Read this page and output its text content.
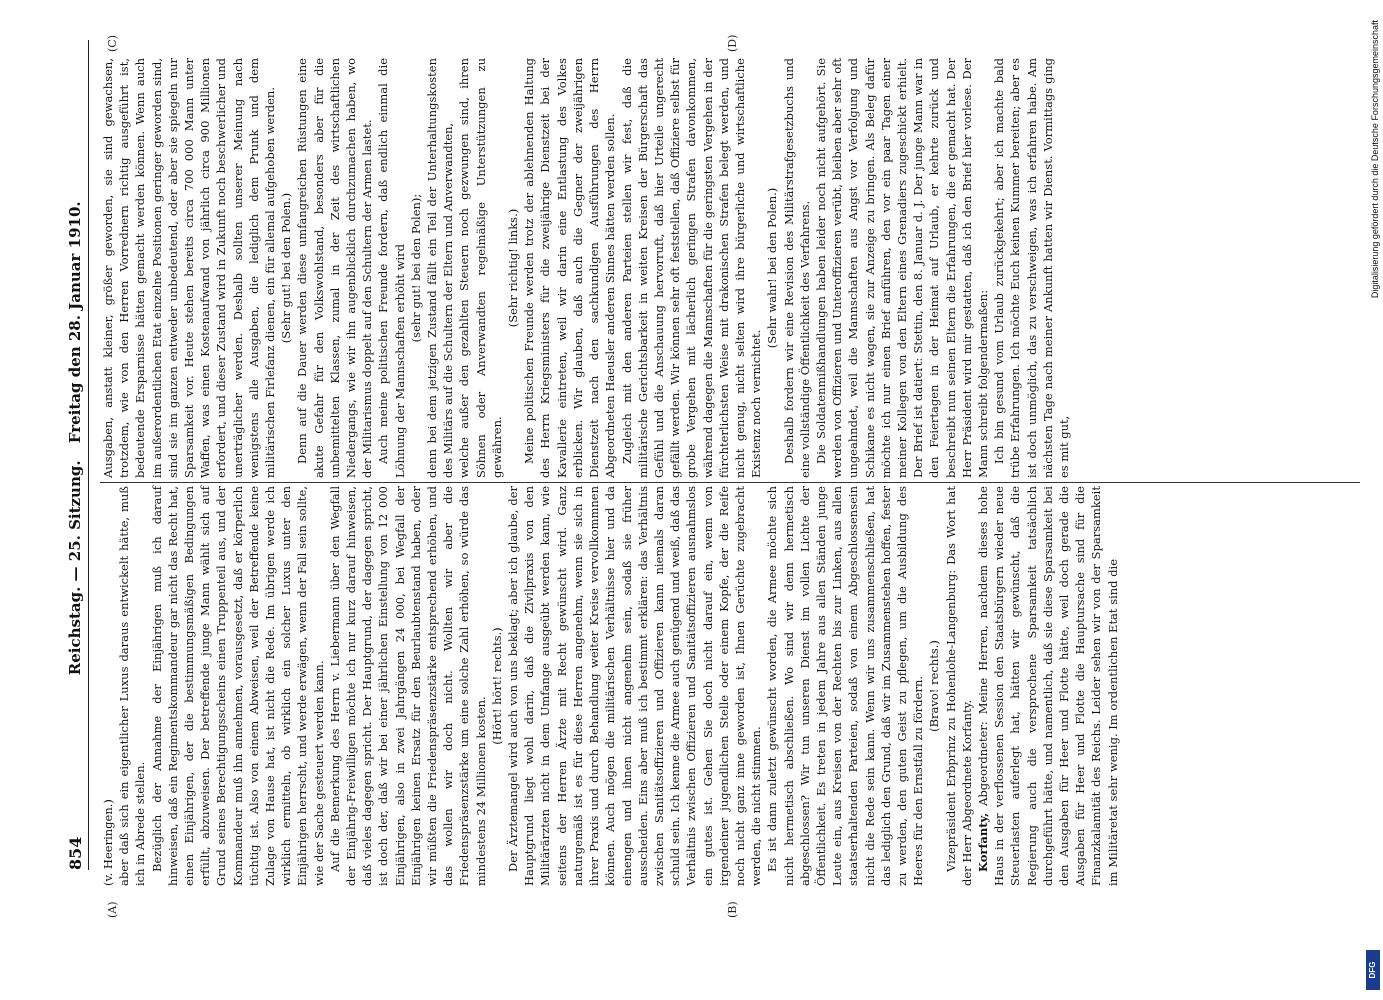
854
Reichstag. — 25. Sitzung. Freitag den 28. Januar 1910.
(A)	(B)
(C)	(D)

(v. Heeringen.) aber daß sich ein eigentlicher Luxus daraus entwickelt hätte, muß ich in Abrede stellen. Bezüglich der Annahme der Einjährigen muß ich darauf hinweisen, daß ein Regimentskommandeur gar nicht das Recht hat, einen Einjährigen, der die bestimmungsmäßigen Bedingungen erfüllt, abzuweisen. Der betreffende junge Mann wählt sich auf Grund seines Berechtigungsscheins einen Truppenteil aus, und der Kommandeur muß ihn annehmen, vorausgesetzt, daß er körperlich tüchtig ist. Also von einem Abweisen, weil der Betreffende keine Zulage von Hause hat, ist nicht die Rede. Im übrigen werde ich wirklich ermitteln, ob wirklich ein solcher Luxus unter den Einjährigen herrscht, und werde erwägen, wenn der Fall sein sollte, wie der Sache gesteuert werden kann. Auf die Bemerkung des Herrn v. Liebermann über den Wegfall der Einjährig-Freiwilligen möchte ich nur kurz darauf hinweisen, daß vieles dagegen spricht. Der Hauptgrund, der dagegen spricht, ist doch der, daß wir bei einer jährlichen Einstellung von 12 000 Einjährigen, also in zwei Jahrgängen 24 000, bei Wegfall der Einjährigen keinen Ersatz für den Beurlaubtenstand haben, oder wir müßten die Friedenspräsenzstärke entsprechend erhöhen, und das wollen wir doch nicht. Wollten wir aber die Friedenspräsenzstärke um eine solche Zahl erhöhen, so würde das mindestens 24 Millionen kosten.

(Hört! hört! rechts.) Der Ärztemangel wird auch von uns beklagt; aber ich glaube, der Hauptgrund liegt wohl darin, daß die Zivilpraxis von den Militärärzten nicht in dem Umfange ausgeübt werden kann, wie seitens der Herren Ärzte mit Recht gewünscht wird. Ganz naturgemäß ist es für diese Herren angenehm, wenn sie sich in ihrer Praxis und durch Behandlung weiter Kreise vervollkommnen können. Auch mögen die militärischen Verhältnisse hier und da einengen und ihnen nicht angenehm sein, sodaß sie früher ausscheiden. Eins aber muß ich bestimmt erklären: das Verhältnis zwischen Sanitätsoffizieren und Offizieren kann niemals daran schuld sein. Ich kenne die Armee auch genügend und weiß, daß das Verhältnis zwischen Offizieren und Sanitätsoffizieren ausnahmslos ein gutes ist. Gehen Sie doch nicht darauf ein, wenn von irgendeiner jugendlichen Stelle oder einem Kopfe, der die Reife noch nicht ganz inne geworden ist, Ihnen Gerüchte zugebracht werden, die nicht stimmen. Es ist dann zuletzt gewünscht worden, die Armee möchte sich nicht hermetisch abschließen. Wo sind wir denn hermetisch abgeschlossen? Wir tun unseren Dienst im vollen Lichte der Öffentlichkeit. Es treten in jedem Jahre aus allen Ständen junge Leute ein, aus Kreisen von der Rechten bis zur Linken, aus allen staatserhaltenden Parteien, sodaß von einem Abgeschlossensein nicht die Rede sein kann. Wenn wir uns zusammenschließen, hat das lediglich den Grund, daß wir im Zusammenstehen hoffen, fester zu werden, den guten Geist zu pflegen, um die Ausbildung des Heeres für den Ernstfall zu fördern. (Bravo! rechts.) Vizepräsident Erbprinz zu Hohenlohe-Langenburg: Das Wort hat der Herr Abgeordnete Korfanty. Korfanty, Abgeordneter: Meine Herren, nachdem dieses hohe Haus in der verflossenen Session den Staatsbürgern wieder neue Steuerlasten auferlegt hat, hätten wir gewünscht, daß die Regierung auch die versprochene Sparsamkeit tatsächlich durchgeführt hätte, und namentlich, daß sie diese Sparsamkeit bei den Ausgaben für Heer und Flotte hätte, weil doch gerade die Ausgaben für Heer und Flotte die Hauptursache sind für die Finanzkalamität des Reichs. Leider sehen wir von der Sparsamkeit im Militäretat sehr wenig. Im ordentlichen Etat sind die

Ausgaben, anstatt kleiner, größer geworden, sie sind gewachsen, trotzdem, wie von den Herren Vorrednern richtig ausgeführt ist, bedeutende Ersparnisse hätten gemacht werden können. Wenn auch im außerordentlichen Etat einzelne Positionen geringer geworden sind, sind sie im ganzen entweder unbedeutend, oder aber sie spiegeln nur Sparsamkeit vor. Heute stehen bereits circa 700 000 Mann unter Waffen, was einen Kostenaufwand von jährlich circa 900 Millionen erfordert, und dieser Zustand wird in Zukunft noch beschwerlicher und unerträglicher werden. Deshalb sollten unserer Meinung nach wenigstens alle Ausgaben, die lediglich dem Prunk und dem militärischen Firlefanz dienen, ein für allemal aufgehoben werden. (Sehr gut! bei den Polen.) Denn auf die Dauer werden diese umfangreichen Rüstungen eine akute Gefahr für den Volkswohlstand, besonders aber für die unbemittelten Klassen, zumal in der Zeit des wirtschaftlichen Niedergangs, wie wir ihn augenblicklich durchzumachen haben, wo der Militarismus doppelt auf den Schultern der Armen lastet. Auch meine politischen Freunde fordern, daß endlich einmal die Löhnung der Mannschaften erhöht wird (sehr gut! bei den Polen); denn bei dem jetzigen Zustand fällt ein Teil der Unterhaltungskosten des Militärs auf die Schultern der Eltern und Anverwandten, welche außer den gezahlten Steuern noch gezwungen sind, ihren Söhnen oder Anverwandten regelmäßige Unterstützungen zu gewähren.

(Sehr richtig! links.) Meine politischen Freunde werden trotz der ablehnenden Haltung des Herrn Kriegsministers für die zweijährige Dienstzeit bei der Kavallerie eintreten, weil wir darin eine Entlastung des Volkes erblicken. Wir glauben, daß auch die Gegner der zweijährigen Dienstzeit nach den sachkundigen Ausführungen des Herrn Abgeordneten Haeusler anderen Sinnes hätten werden sollen. Zugleich mit den anderen Parteien stellen wir fest, daß die militärische Gerichtsbarkeit in weiten Kreisen der Bürgerschaft das Gefühl und die Anschauung hervorruft, daß hier Urteile ungerecht gefällt werden. Wir können sehr oft feststellen, daß Offiziere selbst für grobe Vergehen mit lächerlich geringen Strafen davonkommen, während dagegen die Mannschaften für die geringsten Vergehen in der fürchterlichsten Weise mit drakonischen Strafen belegt werden, und nicht genug, nicht selten wird ihre bürgerliche und wirtschaftliche Existenz noch vernichtet.

(Sehr wahr! bei den Polen.) Deshalb fordern wir eine Revision des Militärstrafgesetzbuchs und eine vollständige Öffentlichkeit des Verfahrens. Die Soldatenmißhandlungen haben leider noch nicht aufgehört. Sie werden von Offizieren und Unteroffizieren verübt, bleiben aber sehr oft ungeahndet, weil die Mannschaften aus Angst vor Verfolgung und Schikane es nicht wagen, sie zur Anzeige zu bringen. Als Beleg dafür möchte ich nur einen Brief anführen, den vor ein paar Tagen einer meiner Kollegen von den Eltern eines Grenadiers zugeschickt erhielt. Der Brief ist datiert: Stettin, den 8. Januar d. J. Der junge Mann war in den Feiertagen in der Heimat auf Urlaub, er kehrte zurück und beschreibt nun seinen Eltern die Erfahrungen, die er gemacht hat. Der Herr Präsident wird mir gestatten, daß ich den Brief hier vorlese. Der Mann schreibt folgendermaßen: Ich bin gesund vom Urlaub zurückgekehrt; aber ich machte bald trübe Erfahrungen. Ich möchte Euch keinen Kummer bereiten; aber es ist doch unmöglich, das zu verschweigen, was ich erfahren habe. Am nächsten Tage nach meiner Ankunft hatten wir Dienst. Vormittags ging es mit gut,

Digitalisierung gefördert durch die Deutsche Forschungsgemeinschaft
DFG
